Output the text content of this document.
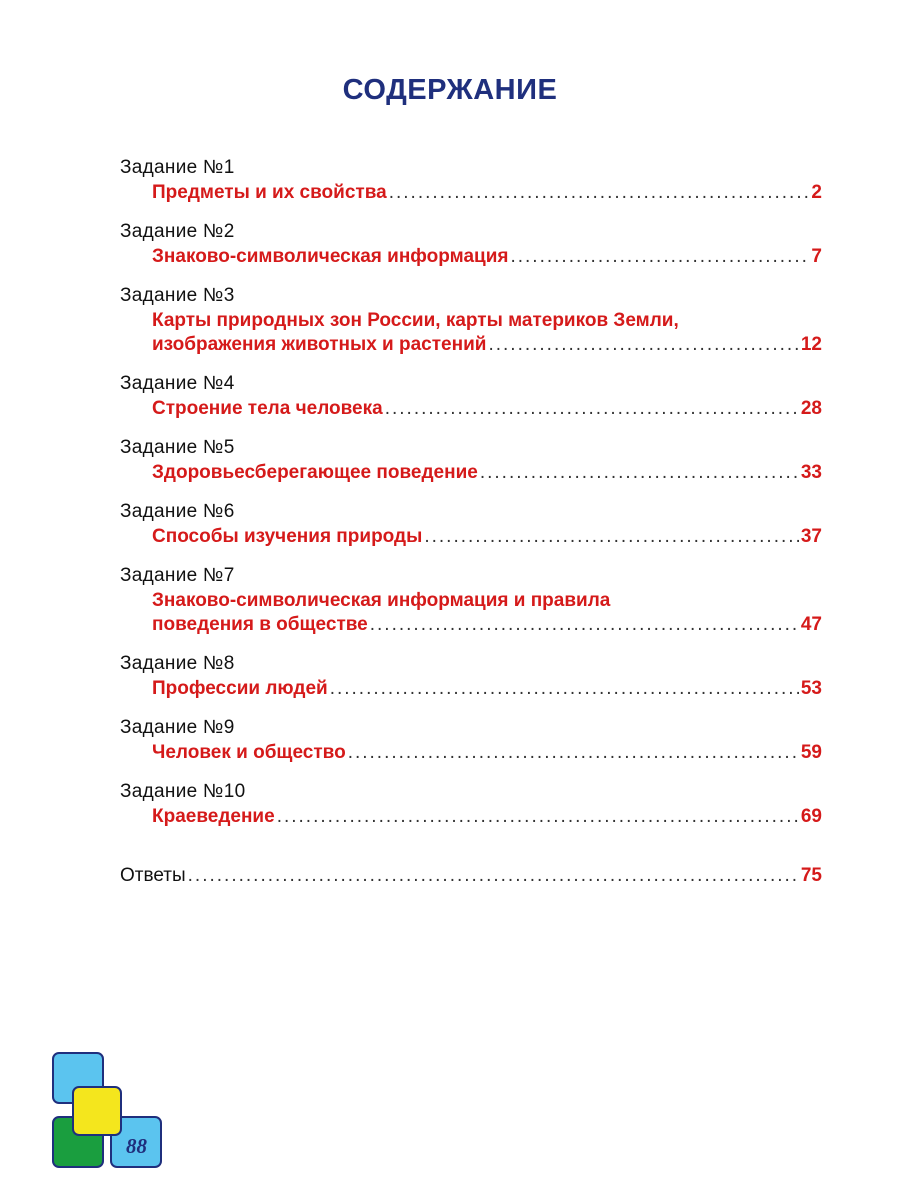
СОДЕРЖАНИЕ
Задание №1
Предметы и их свойства .....	2
Задание №2
Знаково-символическая информация .....	7
Задание №3
Карты природных зон России, карты материков Земли,
изображения животных и растений .....	12
Задание №4
Строение тела человека .....	28
Задание №5
Здоровьесберегающее поведение .....	33
Задание №6
Способы изучения природы .....	37
Задание №7
Знаково-символическая информация и правила
поведения в обществе .....	47
Задание №8
Профессии людей .....	53
Задание №9
Человек и общество .....	59
Задание №10
Краеведение .....	69
Ответы .....	75
88
